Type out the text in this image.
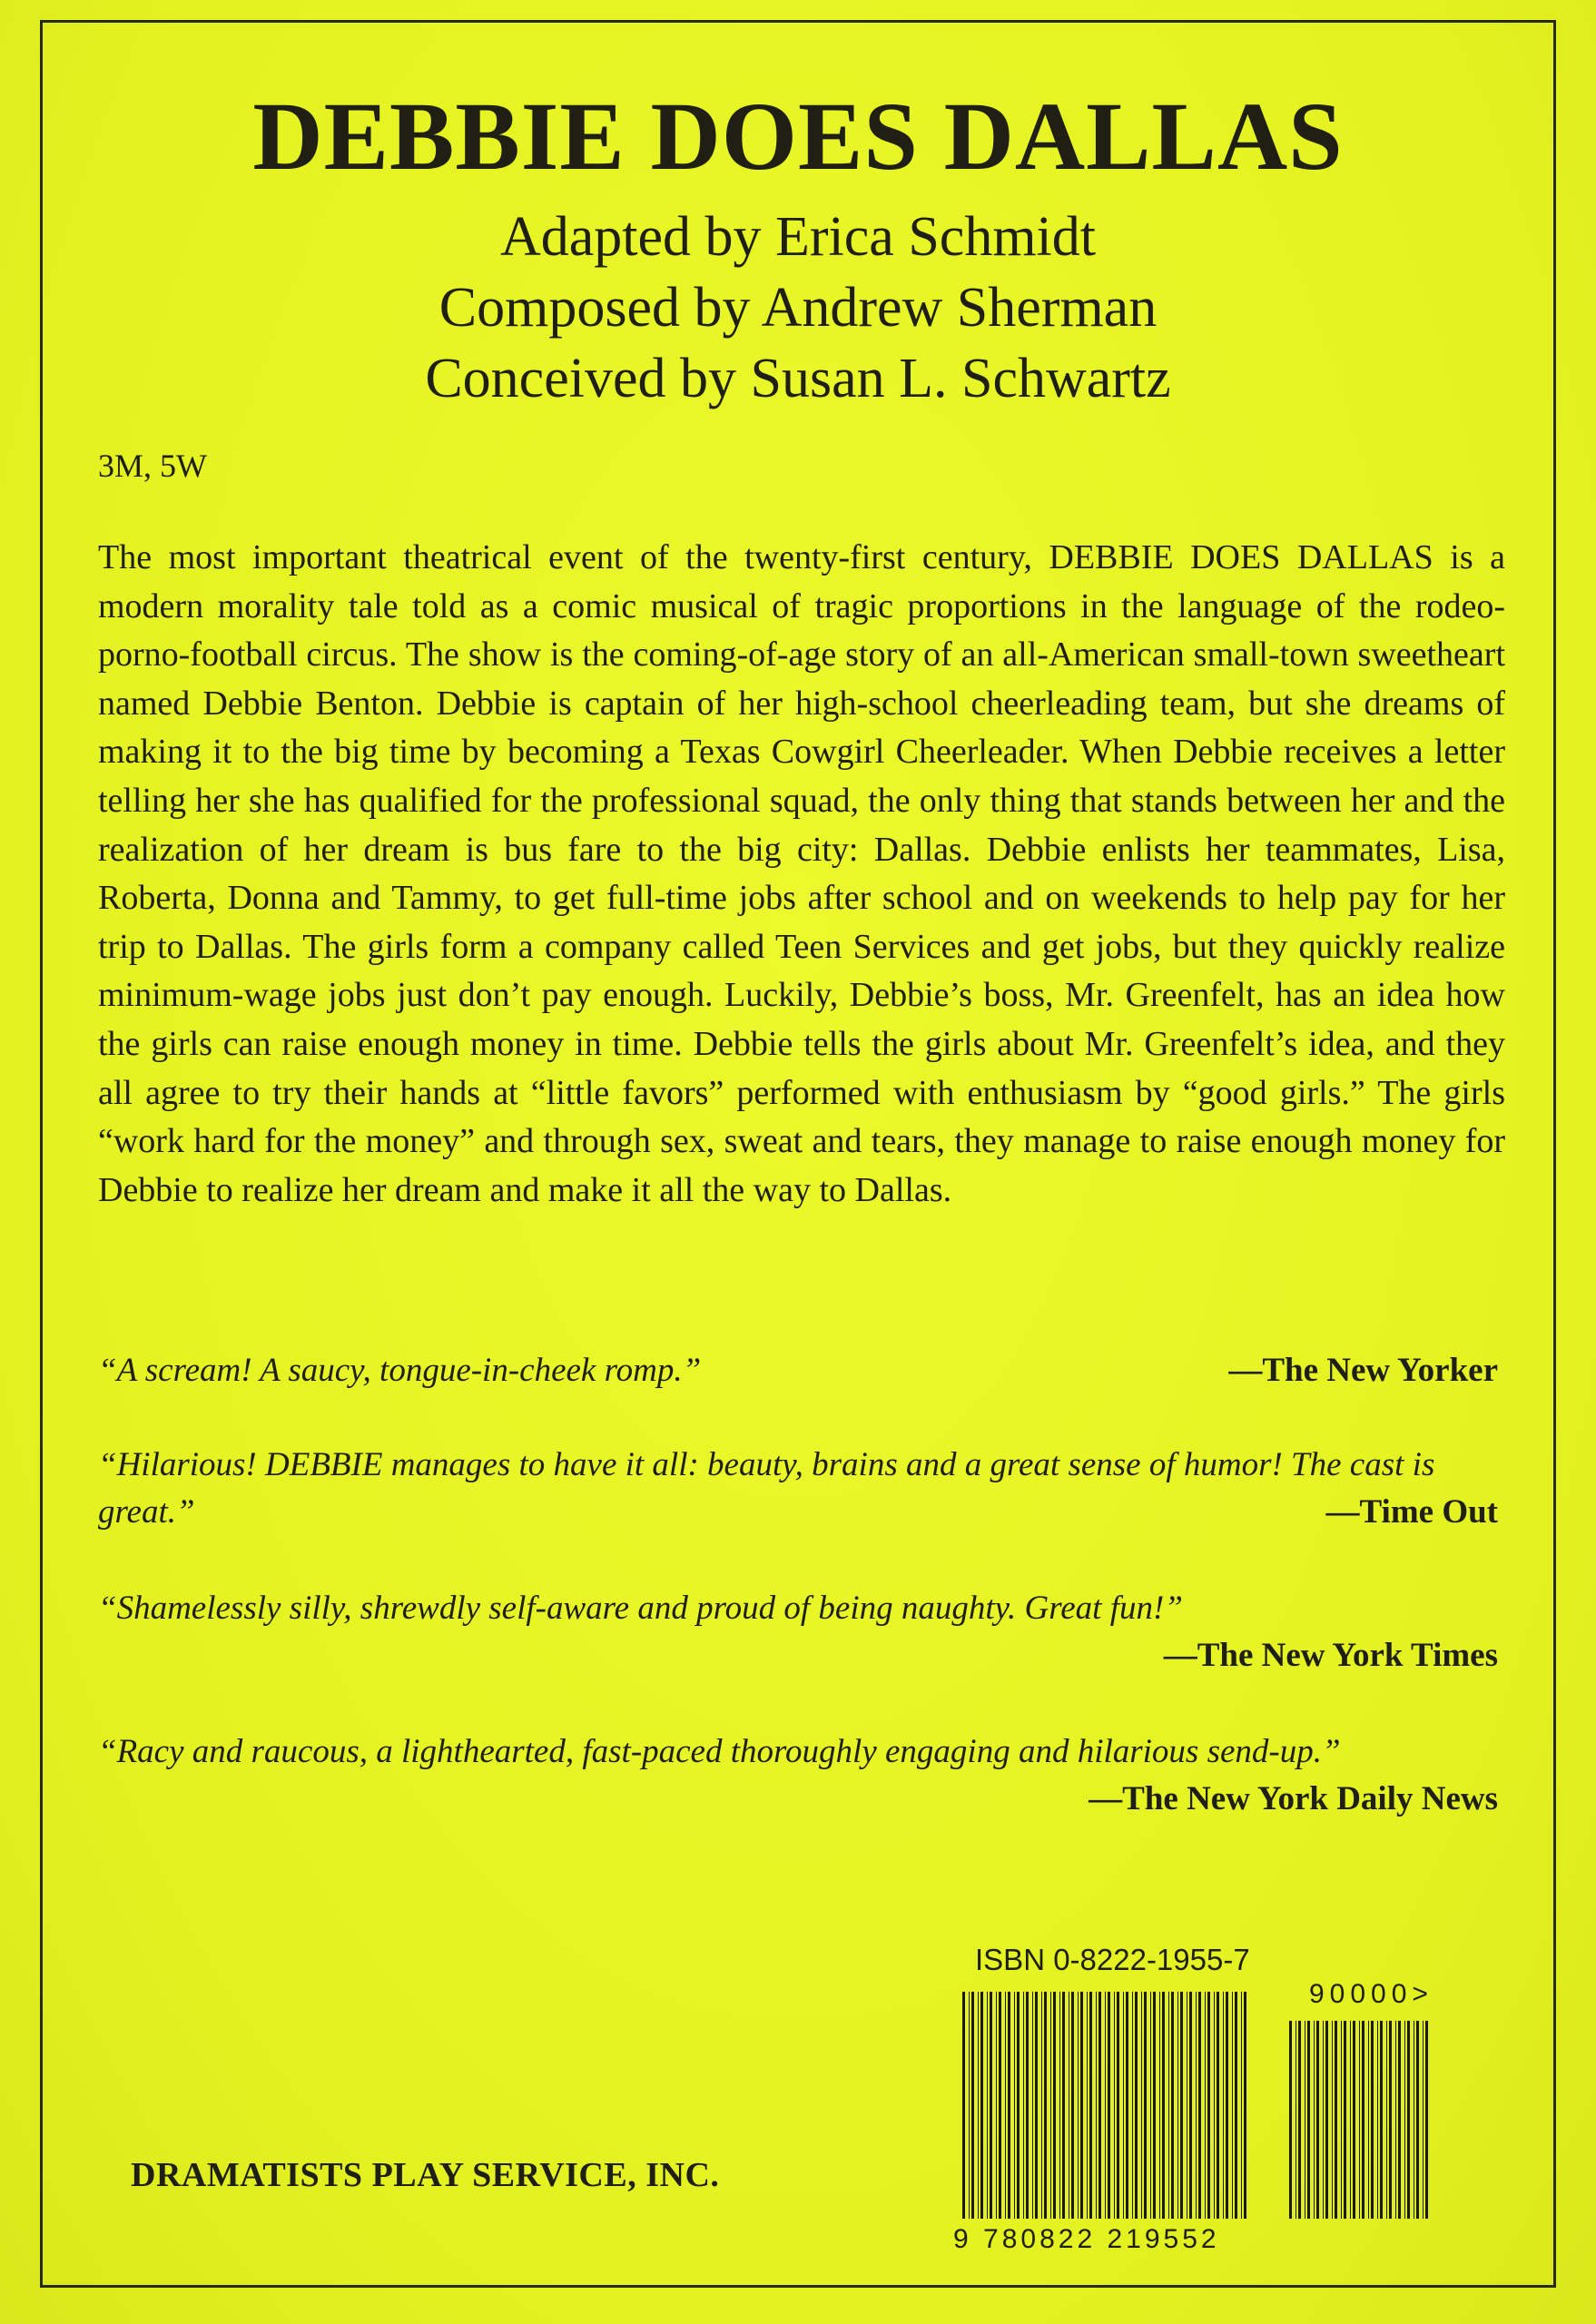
DEBBIE DOES DALLAS
Adapted by Erica Schmidt
Composed by Andrew Sherman
Conceived by Susan L. Schwartz
3M, 5W
The most important theatrical event of the twenty-first century, DEBBIE DOES DALLAS is a modern morality tale told as a comic musical of tragic proportions in the language of the rodeo-porno-football circus. The show is the coming-of-age story of an all-American small-town sweetheart named Debbie Benton. Debbie is captain of her high-school cheerleading team, but she dreams of making it to the big time by becoming a Texas Cowgirl Cheerleader. When Debbie receives a letter telling her she has qualified for the professional squad, the only thing that stands between her and the realization of her dream is bus fare to the big city: Dallas. Debbie enlists her teammates, Lisa, Roberta, Donna and Tammy, to get full-time jobs after school and on weekends to help pay for her trip to Dallas. The girls form a company called Teen Services and get jobs, but they quickly realize minimum-wage jobs just don’t pay enough. Luckily, Debbie’s boss, Mr. Greenfelt, has an idea how the girls can raise enough money in time. Debbie tells the girls about Mr. Greenfelt’s idea, and they all agree to try their hands at “little favors” performed with enthusiasm by “good girls.” The girls “work hard for the money” and through sex, sweat and tears, they manage to raise enough money for Debbie to realize her dream and make it all the way to Dallas.
“A scream! A saucy, tongue-in-cheek romp.”	—The New Yorker
“Hilarious! DEBBIE manages to have it all: beauty, brains and a great sense of humor! The cast is great.”	—Time Out
“Shamelessly silly, shrewdly self-aware and proud of being naughty. Great fun!”
—The New York Times
“Racy and raucous, a lighthearted, fast-paced thoroughly engaging and hilarious send-up.”
—The New York Daily News
ISBN 0-8222-1955-7
90000>
9 780822 219552
DRAMATISTS PLAY SERVICE, INC.
